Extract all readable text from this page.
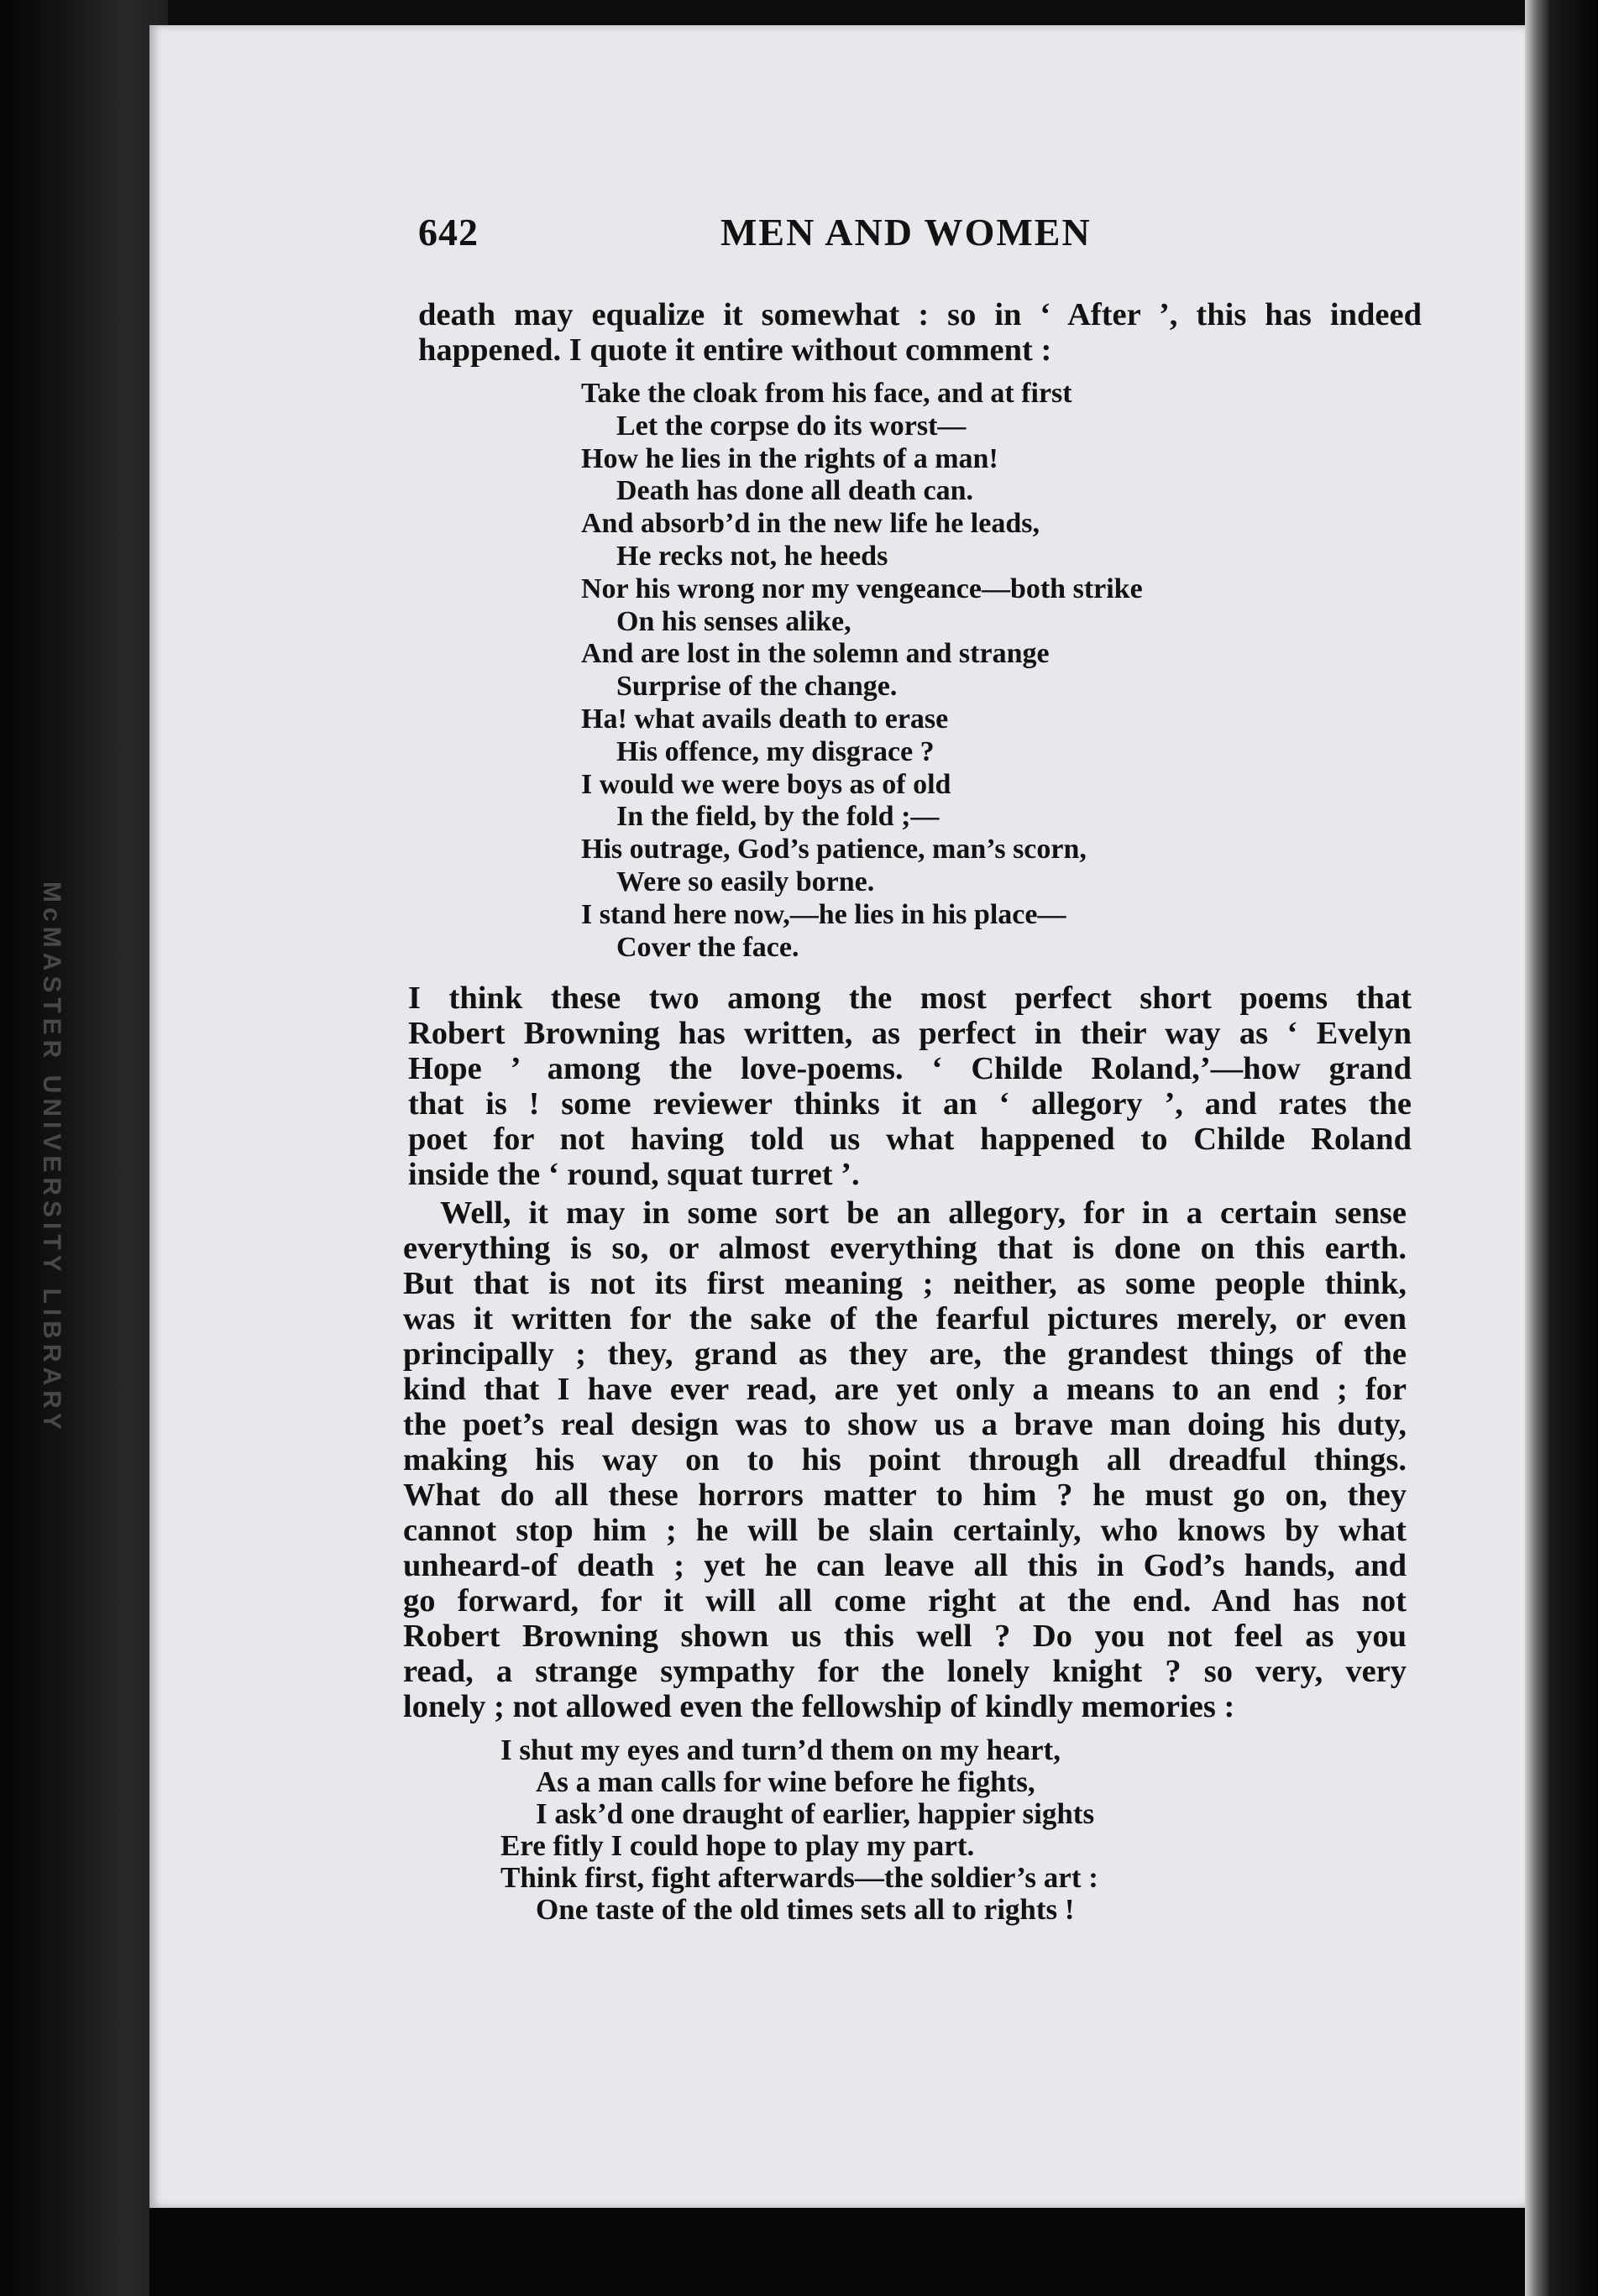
McMASTER UNIVERSITY LIBRARY
642	MEN AND WOMEN

death may equalize it somewhat : so in ‘ After ’, this has indeed
happened. I quote it entire without comment :

Take the cloak from his face, and at first
Let the corpse do its worst—
How he lies in the rights of a man!
Death has done all death can.
And absorb’d in the new life he leads,
He recks not, he heeds
Nor his wrong nor my vengeance—both strike
On his senses alike,
And are lost in the solemn and strange
Surprise of the change.
Ha! what avails death to erase
His offence, my disgrace ?
I would we were boys as of old
In the field, by the fold ;—
His outrage, God’s patience, man’s scorn,
Were so easily borne.
I stand here now,—he lies in his place—
Cover the face.

I think these two among the most perfect short poems that
Robert Browning has written, as perfect in their way as ‘ Evelyn
Hope ’ among the love-poems. ‘ Childe Roland,’—how grand
that is ! some reviewer thinks it an ‘ allegory ’, and rates the
poet for not having told us what happened to Childe Roland
inside the ‘ round, squat turret ’.

Well, it may in some sort be an allegory, for in a certain sense
everything is so, or almost everything that is done on this earth.
But that is not its first meaning ; neither, as some people think,
was it written for the sake of the fearful pictures merely, or even
principally ; they, grand as they are, the grandest things of the
kind that I have ever read, are yet only a means to an end ; for
the poet’s real design was to show us a brave man doing his duty,
making his way on to his point through all dreadful things.
What do all these horrors matter to him ? he must go on, they
cannot stop him ; he will be slain certainly, who knows by what
unheard-of death ; yet he can leave all this in God’s hands, and
go forward, for it will all come right at the end. And has not
Robert Browning shown us this well ? Do you not feel as you
read, a strange sympathy for the lonely knight ? so very, very
lonely ; not allowed even the fellowship of kindly memories :

I shut my eyes and turn’d them on my heart,
As a man calls for wine before he fights,
I ask’d one draught of earlier, happier sights
Ere fitly I could hope to play my part.
Think first, fight afterwards—the soldier’s art :
One taste of the old times sets all to rights !
